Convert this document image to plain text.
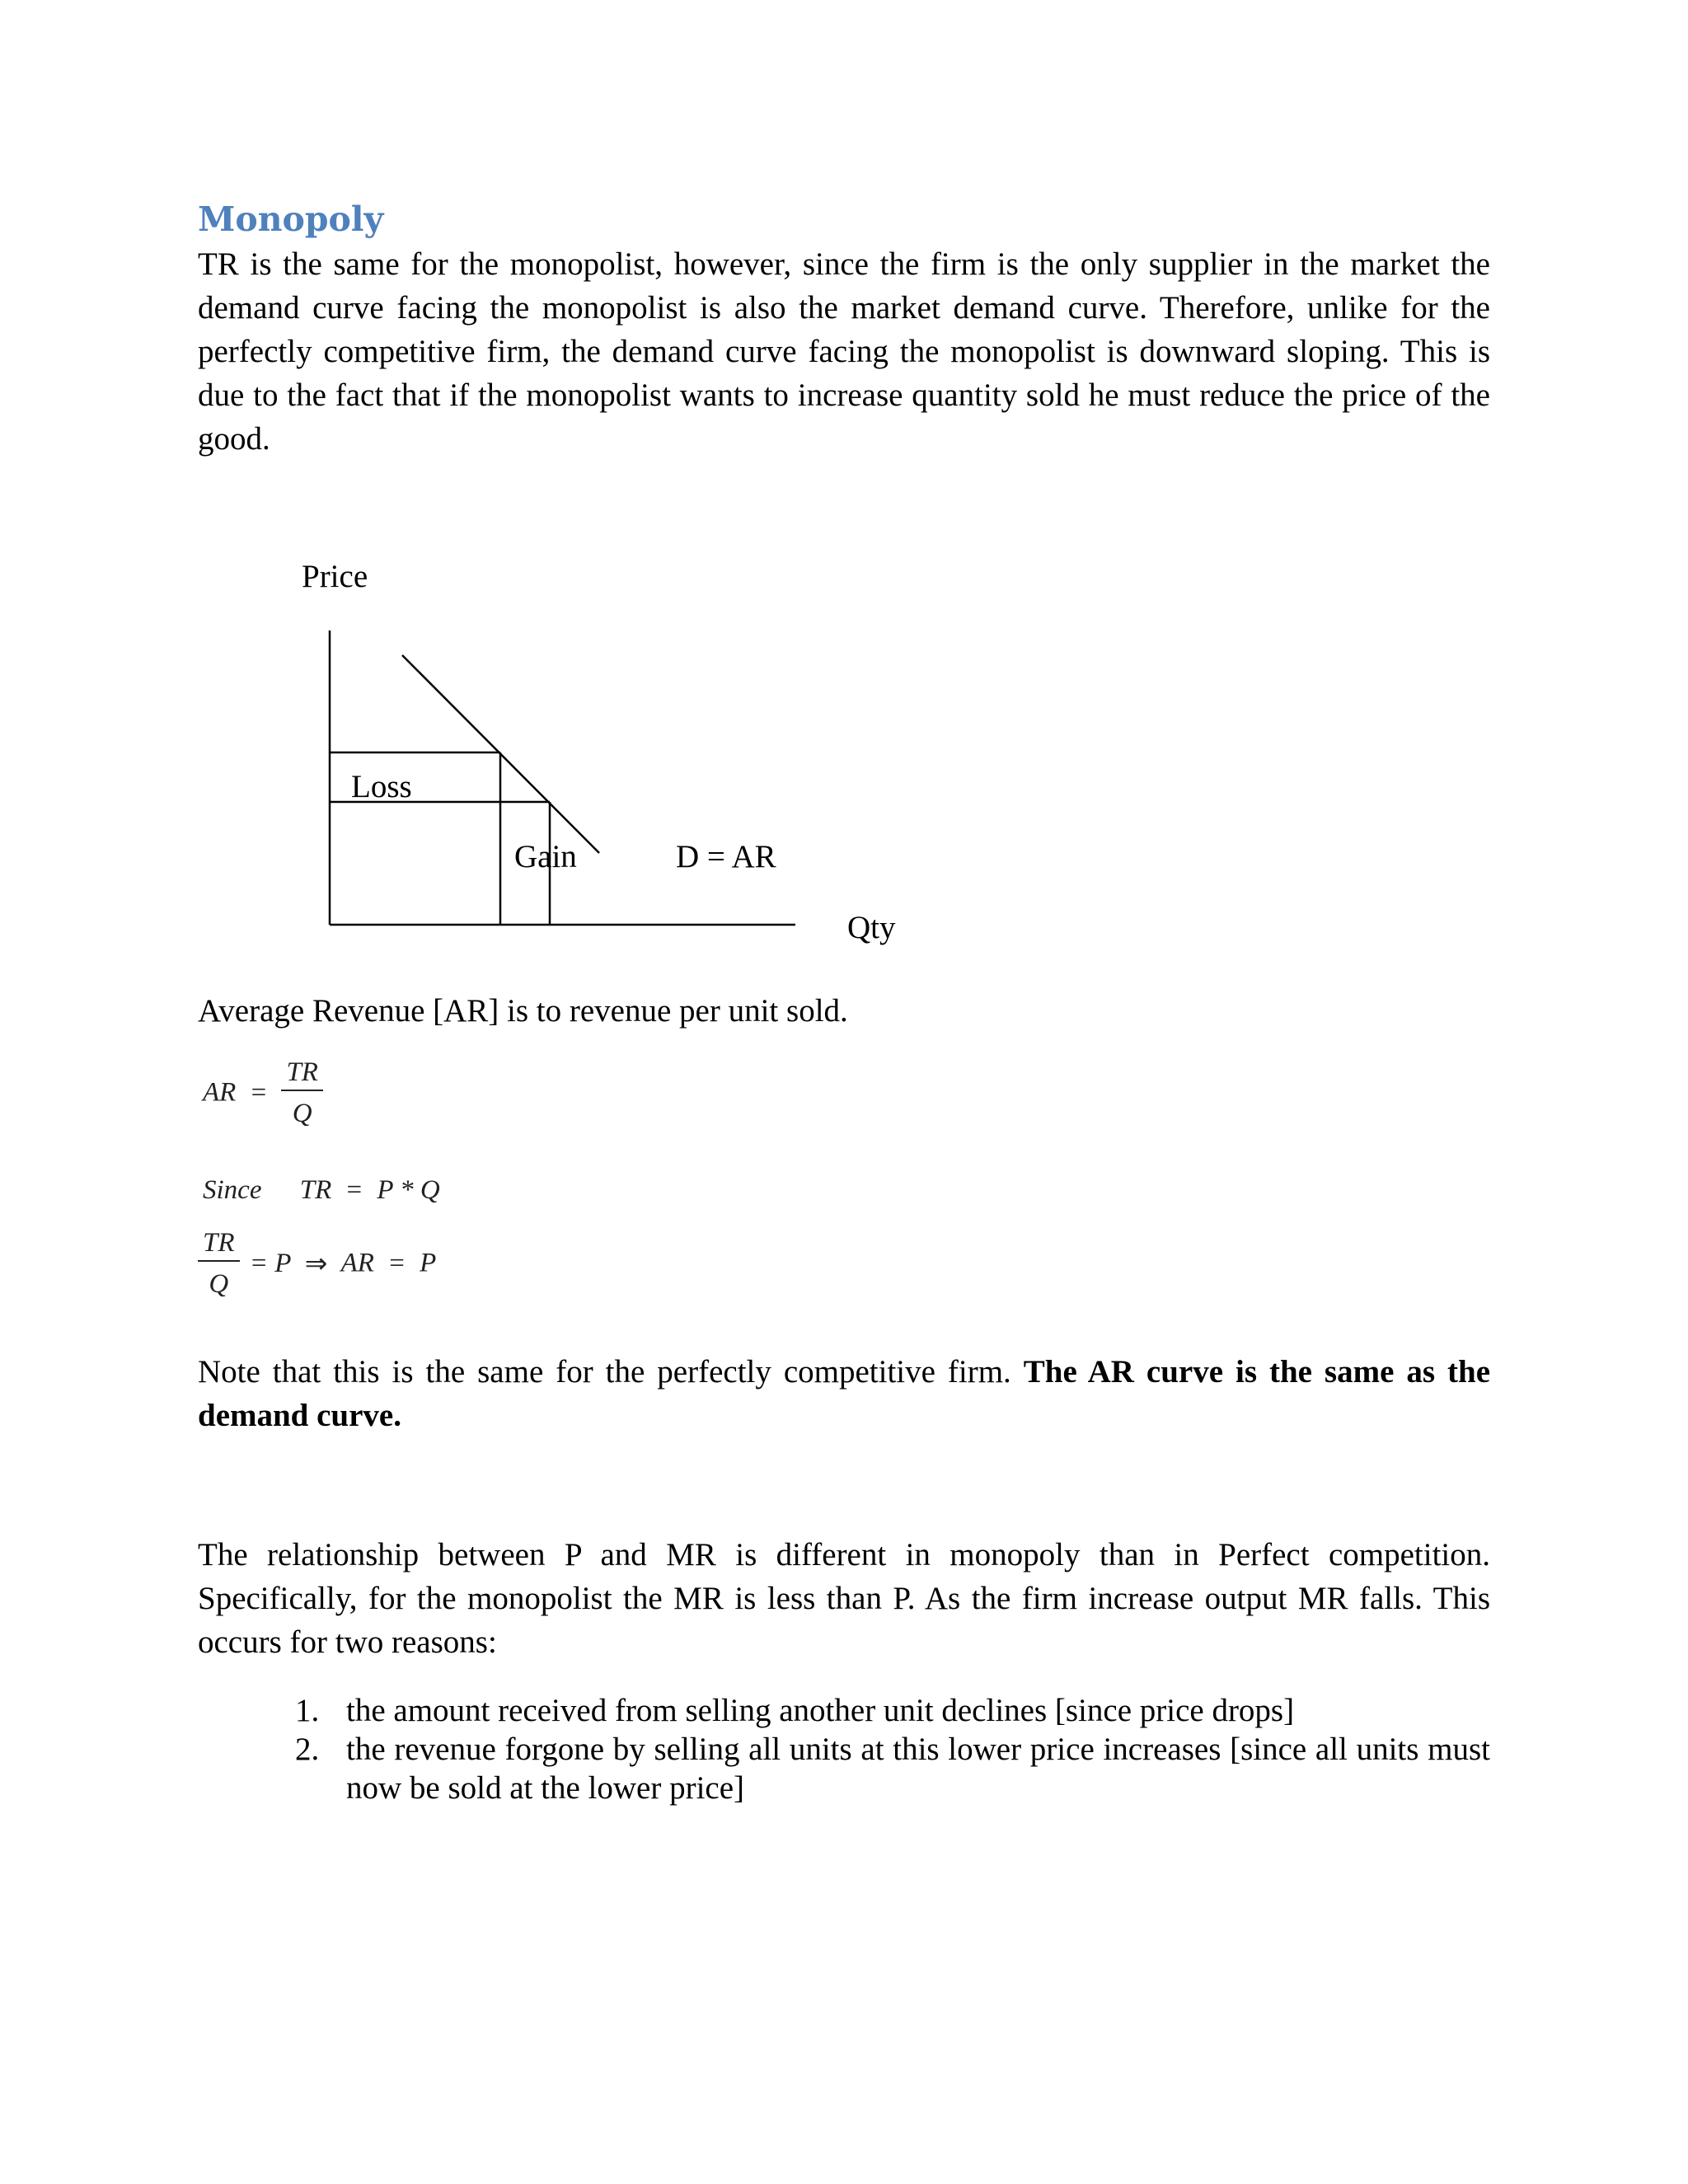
Monopoly
TR is the same for the monopolist, however, since the firm is the only supplier in the market the demand curve facing the monopolist is also the market demand curve. Therefore, unlike for the perfectly competitive firm, the demand curve facing the monopolist is downward sloping. This is due to the fact that if the monopolist wants to increase quantity sold he must reduce the price of the good.
Price
Loss
Gain	D = AR
Qty
Average Revenue [AR] is to revenue per unit sold.
AR = $\frac{TR}{Q}$
Since TR = P * Q
$\frac{TR}{Q} = P$ ⇒ AR = P
Note that this is the same for the perfectly competitive firm. The AR curve is the same as the demand curve.
The relationship between P and MR is different in monopoly than in Perfect competition. Specifically, for the monopolist the MR is less than P. As the firm increase output MR falls. This occurs for two reasons:
1. the amount received from selling another unit declines [since price drops]
2. the revenue forgone by selling all units at this lower price increases [since all units must now be sold at the lower price]
